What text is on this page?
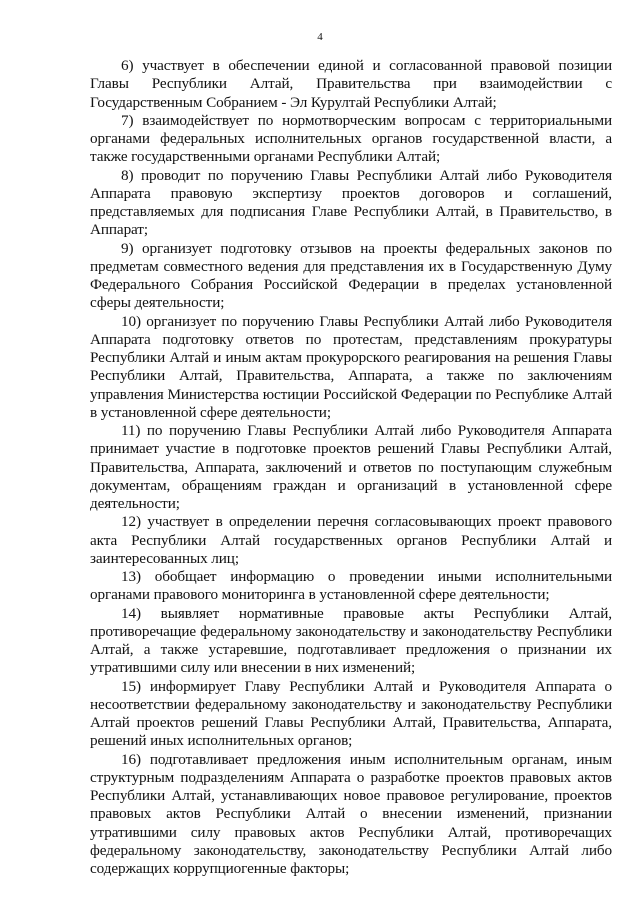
4

6) участвует в обеспечении единой и согласованной правовой позиции Главы Республики Алтай, Правительства при взаимодействии с Государственным Собранием - Эл Курултай Республики Алтай;

7) взаимодействует по нормотворческим вопросам с территориальными органами федеральных исполнительных органов государственной власти, а также государственными органами Республики Алтай;

8) проводит по поручению Главы Республики Алтай либо Руководителя Аппарата правовую экспертизу проектов договоров и соглашений, представляемых для подписания Главе Республики Алтай, в Правительство, в Аппарат;

9) организует подготовку отзывов на проекты федеральных законов по предметам совместного ведения для представления их в Государственную Думу Федерального Собрания Российской Федерации в пределах установленной сферы деятельности;

10) организует по поручению Главы Республики Алтай либо Руководителя Аппарата подготовку ответов по протестам, представлениям прокуратуры Республики Алтай и иным актам прокурорского реагирования на решения Главы Республики Алтай, Правительства, Аппарата, а также по заключениям управления Министерства юстиции Российской Федерации по Республике Алтай в установленной сфере деятельности;

11) по поручению Главы Республики Алтай либо Руководителя Аппарата принимает участие в подготовке проектов решений Главы Республики Алтай, Правительства, Аппарата, заключений и ответов по поступающим служебным документам, обращениям граждан и организаций в установленной сфере деятельности;

12) участвует в определении перечня согласовывающих проект правового акта Республики Алтай государственных органов Республики Алтай и заинтересованных лиц;

13) обобщает информацию о проведении иными исполнительными органами правового мониторинга в установленной сфере деятельности;

14) выявляет нормативные правовые акты Республики Алтай, противоречащие федеральному законодательству и законодательству Республики Алтай, а также устаревшие, подготавливает предложения о признании их утратившими силу или внесении в них изменений;

15) информирует Главу Республики Алтай и Руководителя Аппарата о несоответствии федеральному законодательству и законодательству Республики Алтай проектов решений Главы Республики Алтай, Правительства, Аппарата, решений иных исполнительных органов;

16) подготавливает предложения иным исполнительным органам, иным структурным подразделениям Аппарата о разработке проектов правовых актов Республики Алтай, устанавливающих новое правовое регулирование, проектов правовых актов Республики Алтай о внесении изменений, признании утратившими силу правовых актов Республики Алтай, противоречащих федеральному законодательству, законодательству Республики Алтай либо содержащих коррупциогенные факторы;
